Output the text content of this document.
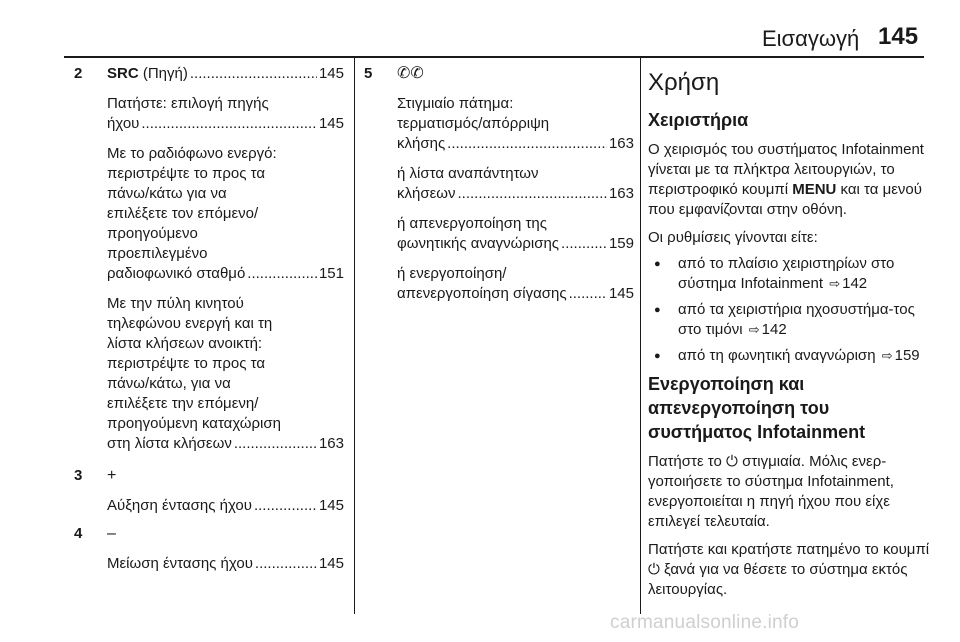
Εισαγωγή 145
2 SRC (Πηγή) .....	145
Πατήστε: επιλογή πηγής
ήχου .....	145
Με το ραδιόφωνο ενεργό:
περιστρέψτε το προς τα
πάνω/κάτω για να
επιλέξετε τον επόμενο/
προηγούμενο
προεπιλεγμένο
ραδιοφωνικό σταθμό .....	151
Με την πύλη κινητού
τηλεφώνου ενεργή και τη
λίστα κλήσεων ανοικτή:
περιστρέψτε το προς τα
πάνω/κάτω, για να
επιλέξετε την επόμενη/
προηγούμενη καταχώριση
στη λίστα κλήσεων .....	163
3 +
Αύξηση έντασης ήχου .....	145
4 –
Μείωση έντασης ήχου .....	145
5 ✆✆
Στιγμιαίο πάτημα:
τερματισμός/απόρριψη
κλήσης .....	163
ή λίστα αναπάντητων
κλήσεων .....	163
ή απενεργοποίηση της
φωνητικής αναγνώρισης .....	159
ή ενεργοποίηση/
απενεργοποίηση σίγασης .....	145
Χρήση
Χειριστήρια
Ο χειρισμός του συστήματος Infotainment γίνεται με τα πλήκτρα λειτουργιών, το περιστροφικό κουμπί MENU και τα μενού που εμφανίζονται στην οθόνη.
Οι ρυθμίσεις γίνονται είτε:
● από το πλαίσιο χειριστηρίων στο σύστημα Infotainment ⇨ 142
● από τα χειριστήρια ηχοσυστήμα-τος στο τιμόνι ⇨ 142
● από τη φωνητική αναγνώριση ⇨ 159
Ενεργοποίηση και απενεργοποίηση του συστήματος Infotainment
Πατήστε το ⏻ στιγμιαία. Μόλις ενερ-γοποιήσετε το σύστημα Infotainment, ενεργοποιείται η πηγή ήχου που είχε επιλεγεί τελευταία.
Πατήστε και κρατήστε πατημένο το κουμπί ⏻ ξανά για να θέσετε το σύστημα εκτός λειτουργίας.
carmanualsonline.info
